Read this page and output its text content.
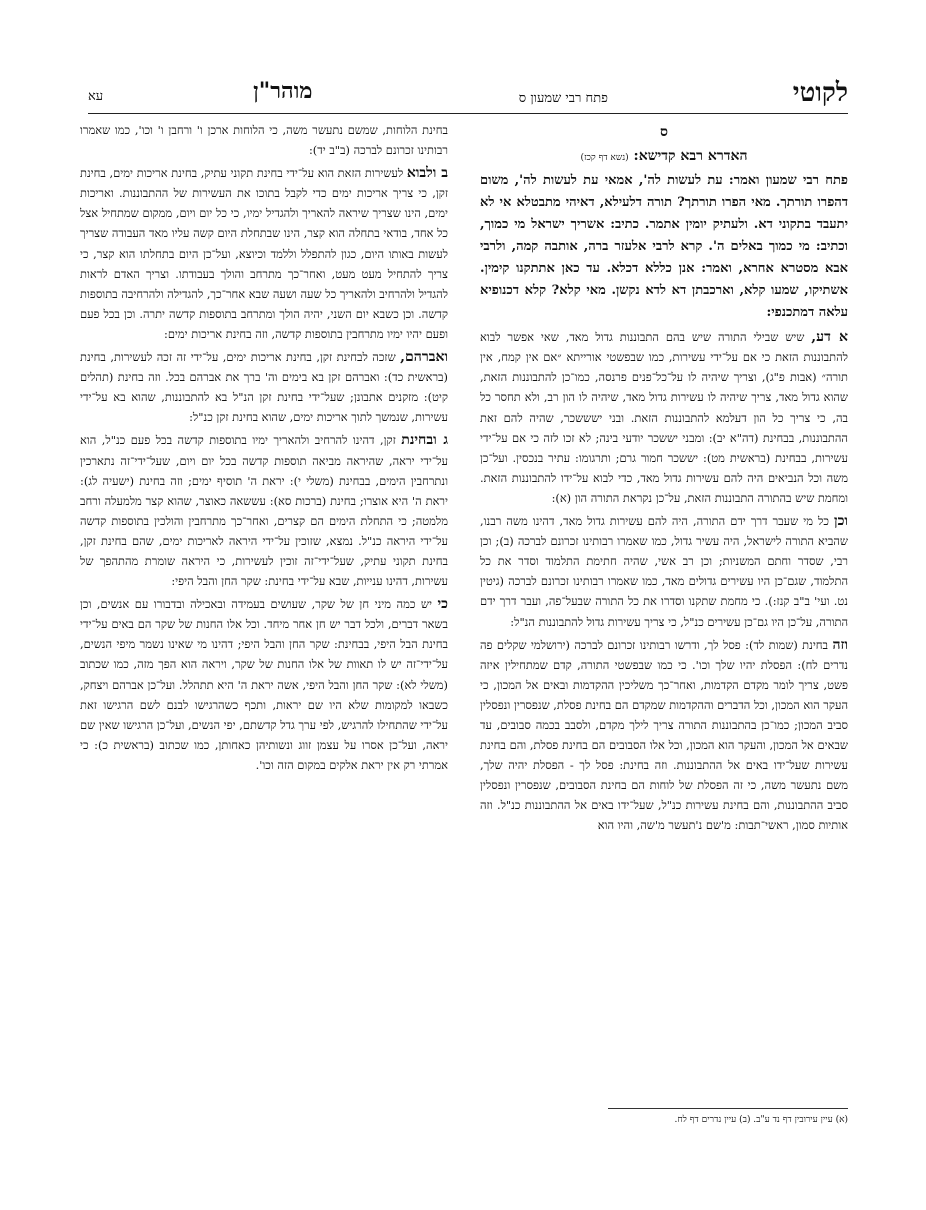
לקוטי
פתח רבי שמעון ס
מוהר"ן
עא
ס
האדרא רבא קדישא: (נשא דף קכז)

פתח רבי שמעון ואמר: עת לעשות לה', אמאי עת לעשות לה', משום דהפרו תורתך. מאי הפרו תורתך? תורה דלעילא, דאיהי מתבטלא אי לא יתעבד בתקוני דא. ולעתיק יומין אתמר. כתיב: אשריך ישראל מי כמוך, וכתיב: מי כמוך באלים ה'. קרא לרבי אלעזר ברה, אותבה קמה, ולרבי אבא מסטרא אחרא, ואמר: אנן כללא דכלא. עד כאן אתתקנו קימין. אשתיקו, שמעו קלא, וארכבתן דא לדא נקשן. מאי קלא? קלא דכנופיא עלאה דמתכנפי:

א דע, שיש שבילי התורה שיש בהם התבוננות גדול מאד, שאי אפשר לבוא להתבוננות הזאת כי אם על־ידי עשירות, כמו שבפשטי אורייתא ״אם אין קמח, אין תורה״ (אבות פ"ג), וצריך שיהיה לו על־כל־פנים פרנסה, כמו־כן להתבוננות הזאת, שהוא גדול מאד, צריך שיהיה לו עשירות גדול מאד, שיהיה לו הון רב, ולא תחסר כל בה, כי צריך כל הון דעלמא להתבוננות הזאת. ובני ישששכר, שהיה להם זאת ההתבוננות, בבחינת (דה"א יב): ומבני יששכר יודעי בינה; לא זכו לזה כי אם על־ידי עשירות, בבחינת (בראשית מט): יששכר חמור גרם; ותרגומו: עתיר בנכסין. ועל־כן משה וכל הנביאים היה להם עשירות גדול מאד, כדי לבוא על־ידו להתבוננות הזאת. ומחמת שיש בהתורה התבוננות הזאת, על־כן נקראת התורה הון (א):

וכן כל מי שעבר דרך ידם התורה, היה להם עשירות גדול מאד, דהינו משה רבנו, שהביא התורה לישראל, היה עשיר גדול, כמו שאמרו רבותינו זכרונם לברכה (ב); וכן רבי, שסדר וחתם המשניות; וכן רב אשי, שהיה חתימת התלמוד וסדר את כל התלמוד, שגם־כן היו עשירים גדולים מאד, כמו שאמרו רבותינו זכרונם לברכה (גיטין נט. ועי' ב"ב קנז:). כי מחמת שתקנו וסדרו את כל התורה שבעל־פה, ועבר דרך ידם התורה, על־כן היו גם־כן עשירים כנ"ל, כי צריך עשירות גדול להתבוננות הנ"ל:

וזה בחינת (שמות לד): פסל לך, ודרשו רבותינו זכרונם לברכה (ירושלמי שקלים פה נדרים לח): הפסלת יהיו שלך וכו'. כי כמו שבפשטי התורה, קדם שמתחילין איזה פשט, צריך לומר מקדם הקדמות, ואחר־כך משליכין ההקדמות ובאים אל המכון, כי העקר הוא המכון, וכל הדברים וההקדמות שמקדם הם בחינת פסלת, שנפסרין ונפסלין סביב המכון; כמו־כן בהתבוננות התורה צריך לילך מקדם, ולסבב בכמה סבובים, עד שבאים אל המכון, והעקר הוא המכון, וכל אלו הסבובים הם בחינת פסלת, והם בחינת עשירות שעל־ידו באים אל ההתבוננות. וזה בחינת: פסל לך - הפסלת יהיה שלך, משם נתעשר משה, כי זה הפסלת של לוחות הם בחינת הסבובים, שנפסרין ונפסלין סביב ההתבוננות, והם בחינת עשירות כנ"ל, שעל־ידו באים אל ההתבוננות כנ"ל. וזה אותיות סמון, ראשי־תבות: מ'שם נ'תעשר מ'שה, והיו הוא

בחינת הלוחות, שמשם נתעשר משה, כי הלוחות ארכן ו' ורחבן ו' וכו', כמו שאמרו רבותינו זכרונם לברכה (ב"ב יד):

ב ולבוא לעשירות הזאת הוא על־ידי בחינת תקוני עתיק, בחינת אריכות ימים, בחינת זקן, כי צריך אריכות ימים כדי לקבל בתוכו את העשירות של ההתבוננות. ואריכות ימים, הינו שצריך שיראה להאריך ולהגדיל ימיו, כי כל יום ויום, ממקום שמתחיל אצל כל אחד, בודאי בתחלה הוא קצר, הינו שבתחלת היום קשה עליו מאד העבודה שצריך לעשות באותו היום, כגון להתפלל וללמד וכיוצא, ועל־כן היום בתחלתו הוא קצר, כי צריך להתחיל מעט מעט, ואחר־כך מתרחב והולך בעבודתו. וצריך האדם לראות להגדיל ולהרחיב ולהאריך כל שעה ושעה שבא אחר־כך, להגדילה ולהרחיבה בתוספות קדשה. וכן כשבא יום השני, יהיה הולך ומתרחב בתוספות קדשה יתרה. וכן בכל פעם ופעם יהיו ימיו מתרחבין בתוספות קדשה, וזה בחינת אריכות ימים:

ואברהם, שזכה לבחינת זקן, בחינת אריכות ימים, על־ידי זה זכה לעשירות, בחינת (בראשית כד): ואברהם זקן בא בימים וה' ברך את אברהם בכל. וזה בחינת (תהלים קיט): מזקנים אתבונן; שעל־ידי בחינת זקן הנ"ל בא להתבוננות, שהוא בא על־ידי עשירות, שנמשך לתוך אריכות ימים, שהוא בחינת זקן כנ"ל:

ג ובחינת זקן, דהינו להרחיב ולהאריך ימיו בתוספות קדשה בכל פעם כנ"ל, הוא על־ידי יראה, שהיראה מביאה תוספות קדשה בכל יום ויום, שעל־ידי־זה נתארכין ונתרחבין הימים, בבחינת (משלי י): יראת ה' תוסיף ימים; וזה בחינת (ישעיה לג): יראת ה' היא אוצרו; בחינת (ברכות סא): עששאה כאוצר, שהוא קצר מלמעלה ורחב מלמטה; כי התחלת הימים הם קצרים, ואחר־כך מתרחבין והולכין בתוספות קדשה על־ידי היראה כנ"ל. נמצא, שזוכין על־ידי היראה לאריכות ימים, שהם בחינת זקן, בחינת תקוני עתיק, שעל־ידי־זה זוכין לעשירות, כי היראה שומרת מהתהפך של עשירות, דהינו ענייות, שבא על־ידי בחינת: שקר החן והבל היפי:

כי יש כמה מיני חן של שקר, שעושים בעמידה ובאכילה ובדבורו עם אנשים, וכן בשאר דברים, ולכל דבר יש חן אחר מיחד. וכל אלו החנות של שקר הם באים על־ידי בחינת הבל היפי, בבחינת: שקר החן והבל היפי; דהינו מי שאינו נשמר מיפי הנשים, על־ידי־זה יש לו תאוות של אלו החנות של שקר, ויראה הוא הפך מזה, כמו שכתוב (משלי לא): שקר החן והבל היפי, אשה יראת ה' היא תתהלל. ועל־כן אברהם ויצחק, כשבאו למקומות שלא היו שם יראות, ותכף כשהרגישו לבנם לשם הרגישו זאת על־ידי שהתחילו להרגיש, לפי ערך גדל קדשתם, יפי הנשים, ועל־כן הרגישו שאין שם יראה, ועל־כן אסרו על עצמן זווג ונשותיהן כאחותן, כמו שכתוב (בראשית כ): כי אמרתי רק אין יראת אלקים במקום הזה וכו'.

(א) עיין עירובין דף נד ע"ב. (ב) עיין נדרים דף לח.
